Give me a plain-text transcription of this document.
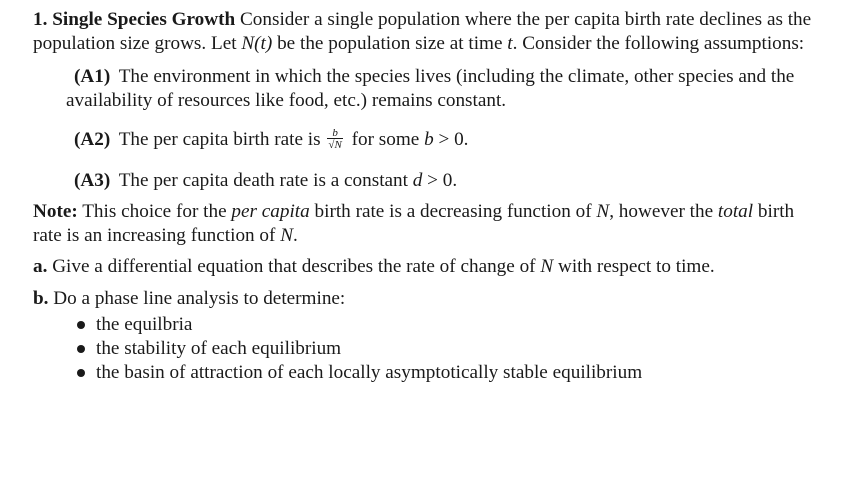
1. Single Species Growth Consider a single population where the per capita birth rate declines as the population size grows. Let N(t) be the population size at time t. Consider the following assumptions:

(A1) The environment in which the species lives (including the climate, other species and the availability of resources like food, etc.) remains constant.

(A2) The per capita birth rate is $\frac{b}{√N}$ for some b > 0.

(A3) The per capita death rate is a constant d > 0.

Note: This choice for the per capita birth rate is a decreasing function of N, however the total birth rate is an increasing function of N.

a. Give a differential equation that describes the rate of change of N with respect to time.

b. Do a phase line analysis to determine:

the equilbria
the stability of each equilibrium
the basin of attraction of each locally asymptotically stable equilibrium
